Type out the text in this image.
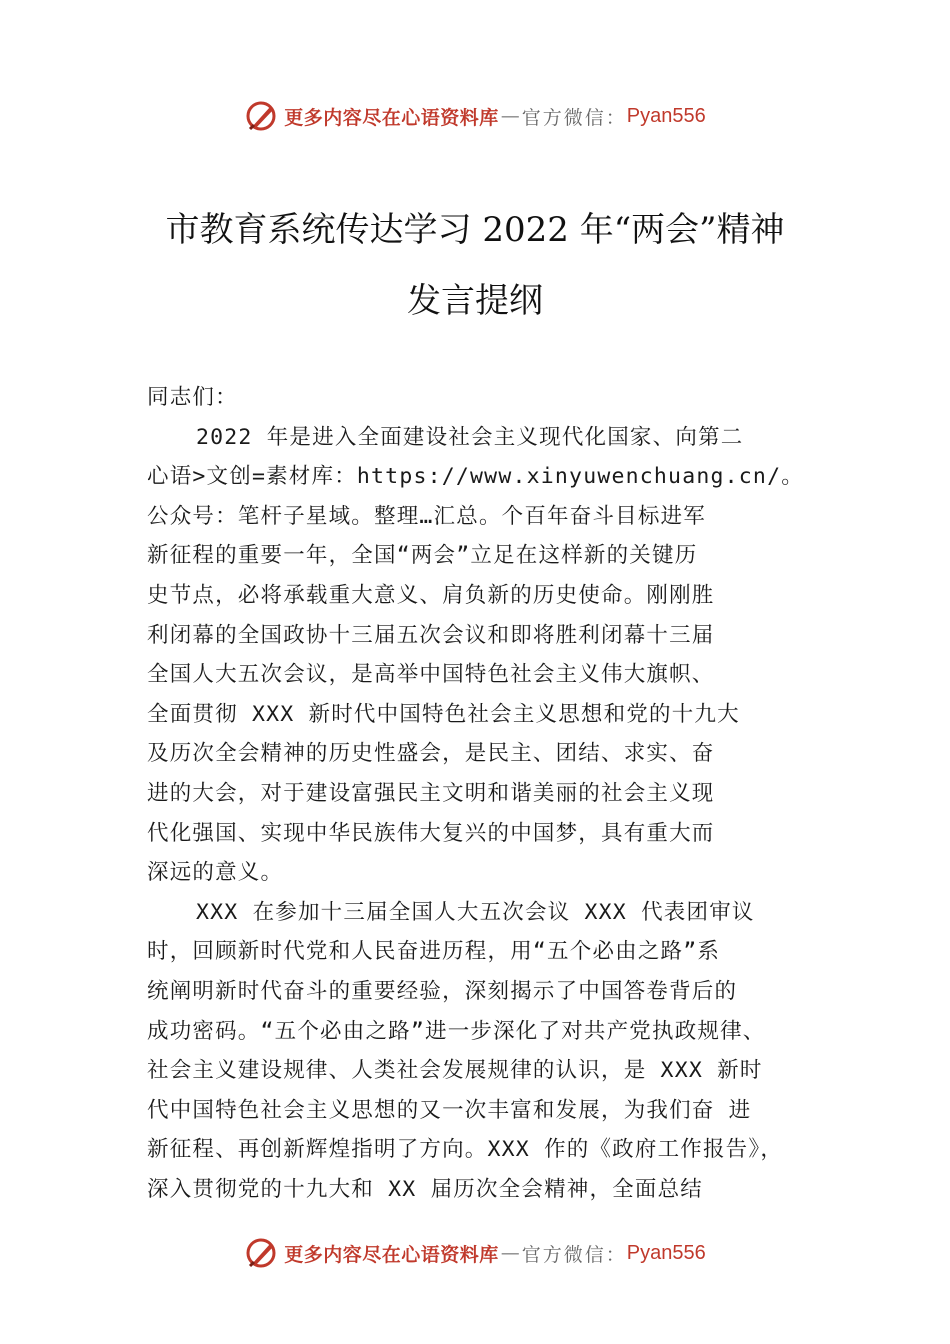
更多内容尽在心语资料库 — 官方微信： Pyan556
市教育系统传达学习 2022 年“两会”精神
发言提纲

同志们：

2022 年是进入全面建设社会主义现代化国家、向第二

心语>文创=素材库：https://www.xinyuwenchuang.cn/。

公众号：笔杆子星域。整理…汇总。个百年奋斗目标进军

新征程的重要一年，全国“两会”立足在这样新的关键历

史节点，必将承载重大意义、肩负新的历史使命。刚刚胜

利闭幕的全国政协十三届五次会议和即将胜利闭幕十三届

全国人大五次会议，是高举中国特色社会主义伟大旗帜、

全面贯彻 XXX 新时代中国特色社会主义思想和党的十九大

及历次全会精神的历史性盛会，是民主、团结、求实、奋

进的大会，对于建设富强民主文明和谐美丽的社会主义现

代化强国、实现中华民族伟大复兴的中国梦，具有重大而

深远的意义。

XXX 在参加十三届全国人大五次会议 XXX 代表团审议

时，回顾新时代党和人民奋进历程，用“五个必由之路”系

统阐明新时代奋斗的重要经验，深刻揭示了中国答卷背后的

成功密码。“五个必由之路”进一步深化了对共产党执政规律、

社会主义建设规律、人类社会发展规律的认识，是 XXX 新时

代中国特色社会主义思想的又一次丰富和发展，为我们奋 进

新征程、再创新辉煌指明了方向。XXX 作的《政府工作报告》，

深入贯彻党的十九大和 XX 届历次全会精神，全面总结

更多内容尽在心语资料库 — 官方微信： Pyan556
